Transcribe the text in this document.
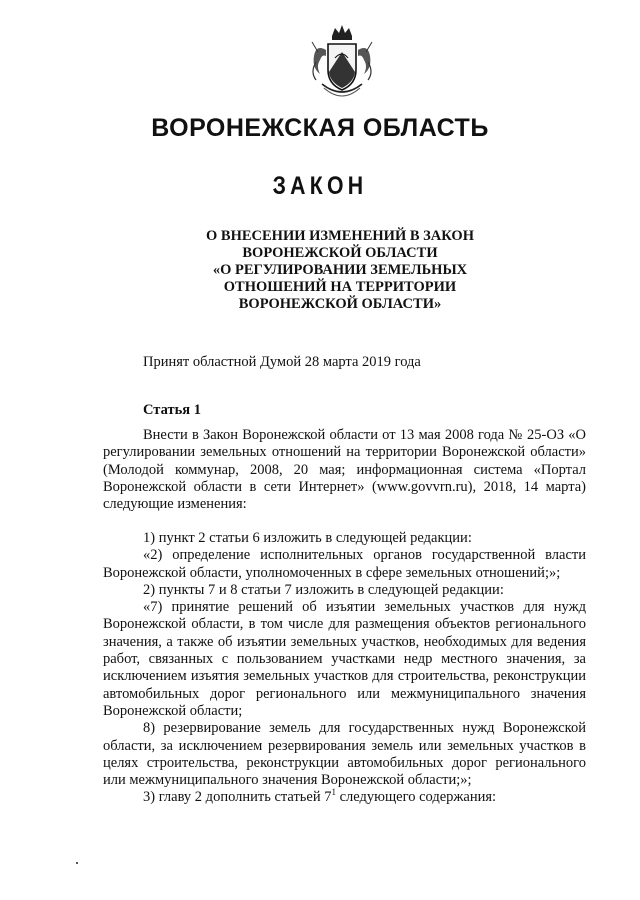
ВОРОНЕЖСКАЯ ОБЛАСТЬ
ЗАКОН
О ВНЕСЕНИИ ИЗМЕНЕНИЙ В ЗАКОН
ВОРОНЕЖСКОЙ ОБЛАСТИ
«О РЕГУЛИРОВАНИИ ЗЕМЕЛЬНЫХ
ОТНОШЕНИЙ НА ТЕРРИТОРИИ
ВОРОНЕЖСКОЙ ОБЛАСТИ»
Принят областной Думой 28 марта 2019 года
Статья 1

Внести в Закон Воронежской области от 13 мая 2008 года № 25-ОЗ «О регулировании земельных отношений на территории Воронежской области» (Молодой коммунар, 2008, 20 мая; информационная система «Портал Воронежской области в сети Интернет» (www.govvrn.ru), 2018, 14 марта) следующие изменения:

1) пункт 2 статьи 6 изложить в следующей редакции:

«2) определение исполнительных органов государственной власти Воронежской области, уполномоченных в сфере земельных отношений;»;

2) пункты 7 и 8 статьи 7 изложить в следующей редакции:

«7) принятие решений об изъятии земельных участков для нужд Воронежской области, в том числе для размещения объектов регионального значения, а также об изъятии земельных участков, необходимых для ведения работ, связанных с пользованием участками недр местного значения, за исключением изъятия земельных участков для строительства, реконструкции автомобильных дорог регионального или межмуниципального значения Воронежской области;

8) резервирование земель для государственных нужд Воронежской области, за исключением резервирования земель или земельных участков в целях строительства, реконструкции автомобильных дорог регионального или межмуниципального значения Воронежской области;»;

3) главу 2 дополнить статьей $7^1$ следующего содержания:
